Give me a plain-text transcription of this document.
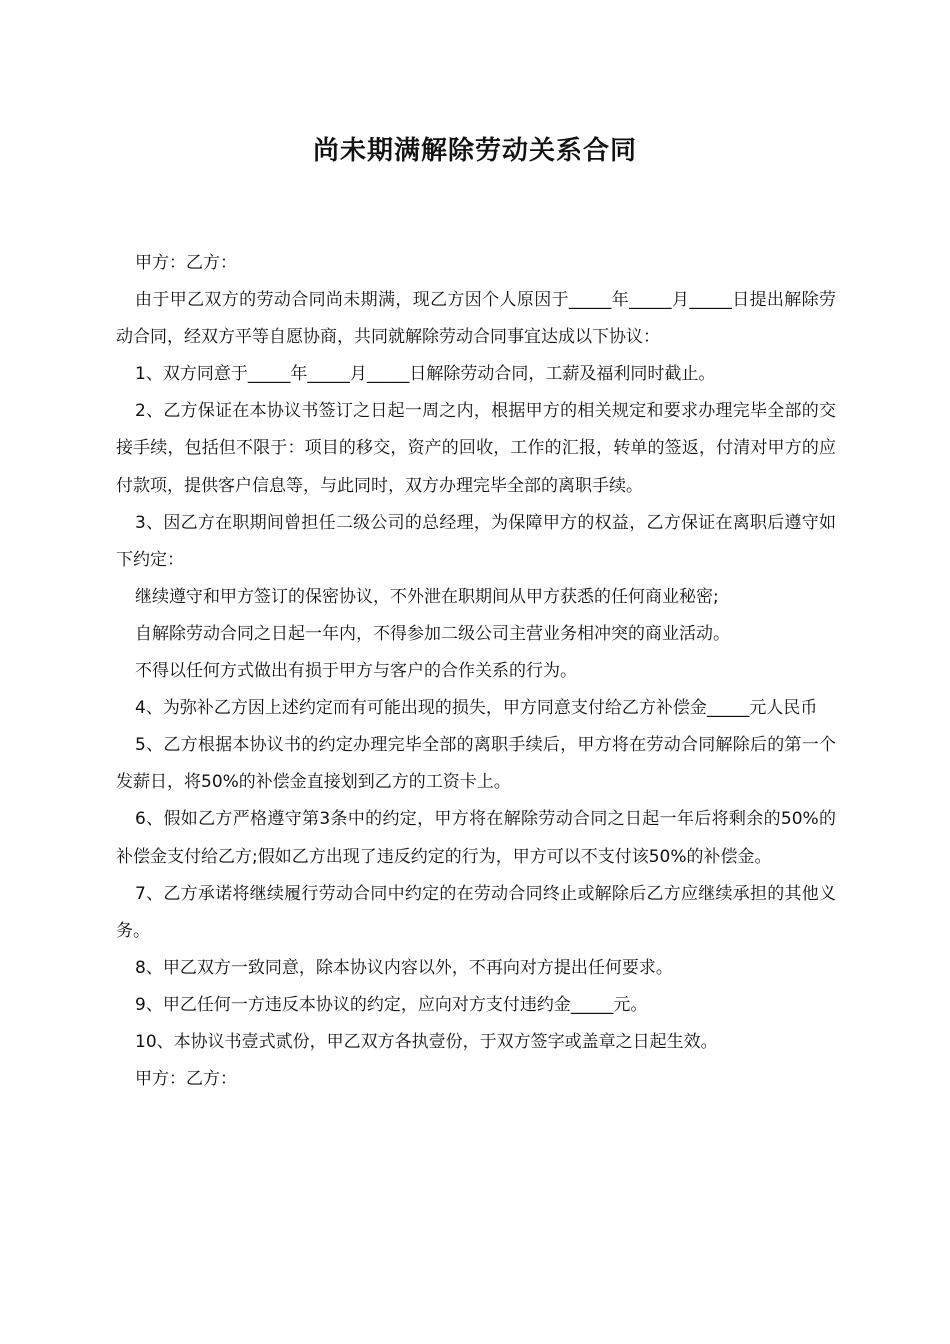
尚未期满解除劳动关系合同

甲方：乙方：

由于甲乙双方的劳动合同尚未期满，现乙方因个人原因于_____年_____月_____日提出解除劳动合同，经双方平等自愿协商，共同就解除劳动合同事宜达成以下协议：

1、双方同意于_____年_____月_____日解除劳动合同，工薪及福利同时截止。

2、乙方保证在本协议书签订之日起一周之内，根据甲方的相关规定和要求办理完毕全部的交接手续，包括但不限于：项目的移交，资产的回收，工作的汇报，转单的签返，付清对甲方的应付款项，提供客户信息等，与此同时，双方办理完毕全部的离职手续。

3、因乙方在职期间曾担任二级公司的总经理，为保障甲方的权益，乙方保证在离职后遵守如下约定：

继续遵守和甲方签订的保密协议，不外泄在职期间从甲方获悉的任何商业秘密;

自解除劳动合同之日起一年内，不得参加二级公司主营业务相冲突的商业活动。

不得以任何方式做出有损于甲方与客户的合作关系的行为。

4、为弥补乙方因上述约定而有可能出现的损失，甲方同意支付给乙方补偿金_____元人民币

5、乙方根据本协议书的约定办理完毕全部的离职手续后，甲方将在劳动合同解除后的第一个发薪日，将50%的补偿金直接划到乙方的工资卡上。

6、假如乙方严格遵守第3条中的约定，甲方将在解除劳动合同之日起一年后将剩余的50%的补偿金支付给乙方;假如乙方出现了违反约定的行为，甲方可以不支付该50%的补偿金。

7、乙方承诺将继续履行劳动合同中约定的在劳动合同终止或解除后乙方应继续承担的其他义务。

8、甲乙双方一致同意，除本协议内容以外，不再向对方提出任何要求。

9、甲乙任何一方违反本协议的约定，应向对方支付违约金_____元。

10、本协议书壹式贰份，甲乙双方各执壹份，于双方签字或盖章之日起生效。

甲方：乙方：
